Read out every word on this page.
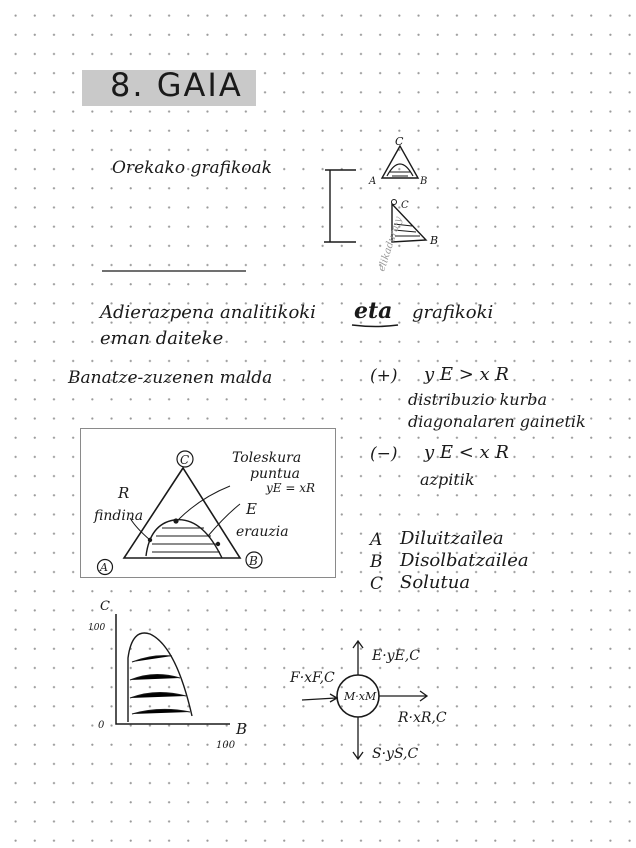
8. GAIA
Orekako grafikoak
C
A	B
C
B
elikadura-y
Adierazpena analitikoki eta grafikoki
eman daiteke
Banatze-zuzenen malda	(+) y E > x R
distribuzio kurba
diagonalaren gainetik
(−) y E < x R
azpitik
C
A	B
R
findina	E
erauzia
Toleskura
puntua
yE = xR
A Diluitzailea
B Disolbatzailea
C Solutua
C
100
0	B
100
M·xM
F·xF,C
E·yE,C
R·xR,C
S·yS,C
